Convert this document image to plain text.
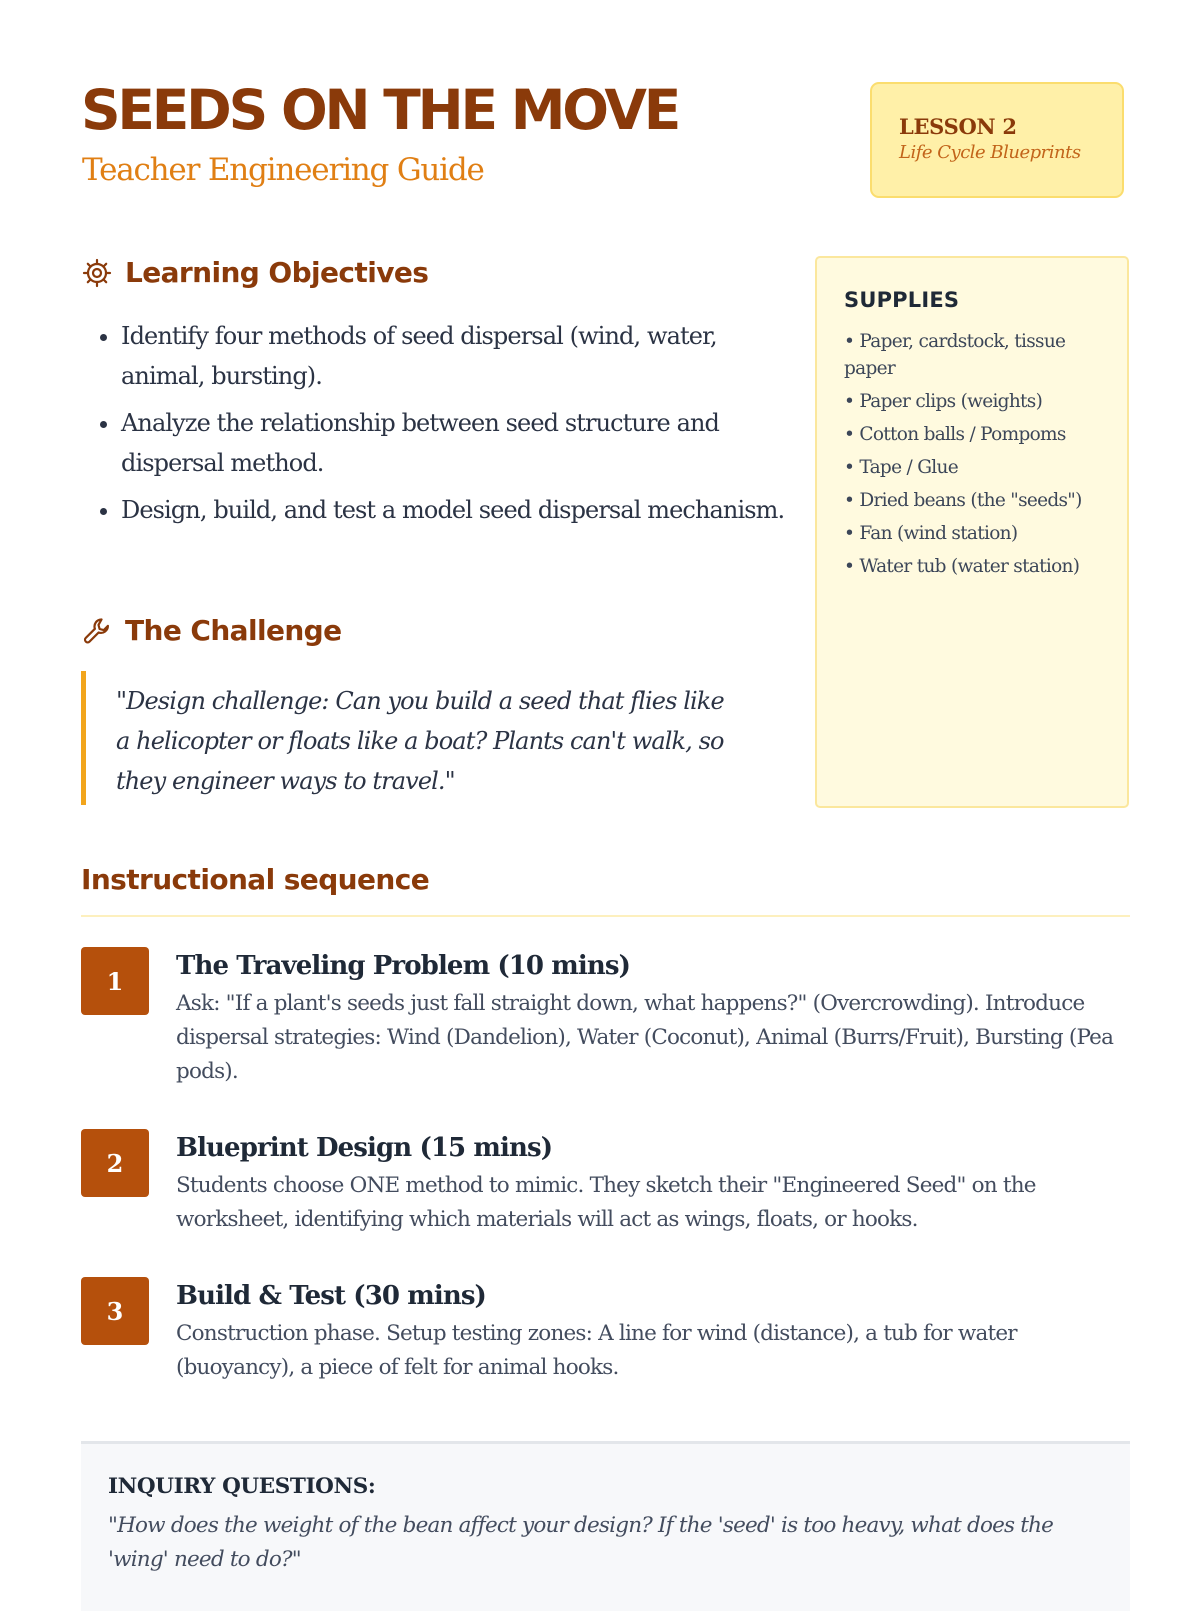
SEEDS ON THE MOVE
Teacher Engineering Guide
LESSON 2
Life Cycle Blueprints
Learning Objectives
• Identify four methods of seed dispersal (wind, water, animal, bursting).
• Analyze the relationship between seed structure and dispersal method.
• Design, build, and test a model seed dispersal mechanism.
The Challenge
"Design challenge: Can you build a seed that flies like a helicopter or floats like a boat? Plants can't walk, so they engineer ways to travel."
SUPPLIES
• Paper, cardstock, tissue paper
• Paper clips (weights)
• Cotton balls / Pompoms
• Tape / Glue
• Dried beans (the "seeds")
• Fan (wind station)
• Water tub (water station)
Instructional sequence
1	The Traveling Problem (10 mins)
Ask: "If a plant's seeds just fall straight down, what happens?" (Overcrowding). Introduce dispersal strategies: Wind (Dandelion), Water (Coconut), Animal (Burrs/Fruit), Bursting (Pea pods).
2	Blueprint Design (15 mins)
Students choose ONE method to mimic. They sketch their "Engineered Seed" on the worksheet, identifying which materials will act as wings, floats, or hooks.
3	Build & Test (30 mins)
Construction phase. Setup testing zones: A line for wind (distance), a tub for water (buoyancy), a piece of felt for animal hooks.
INQUIRY QUESTIONS:
"How does the weight of the bean affect your design? If the 'seed' is too heavy, what does the 'wing' need to do?"
